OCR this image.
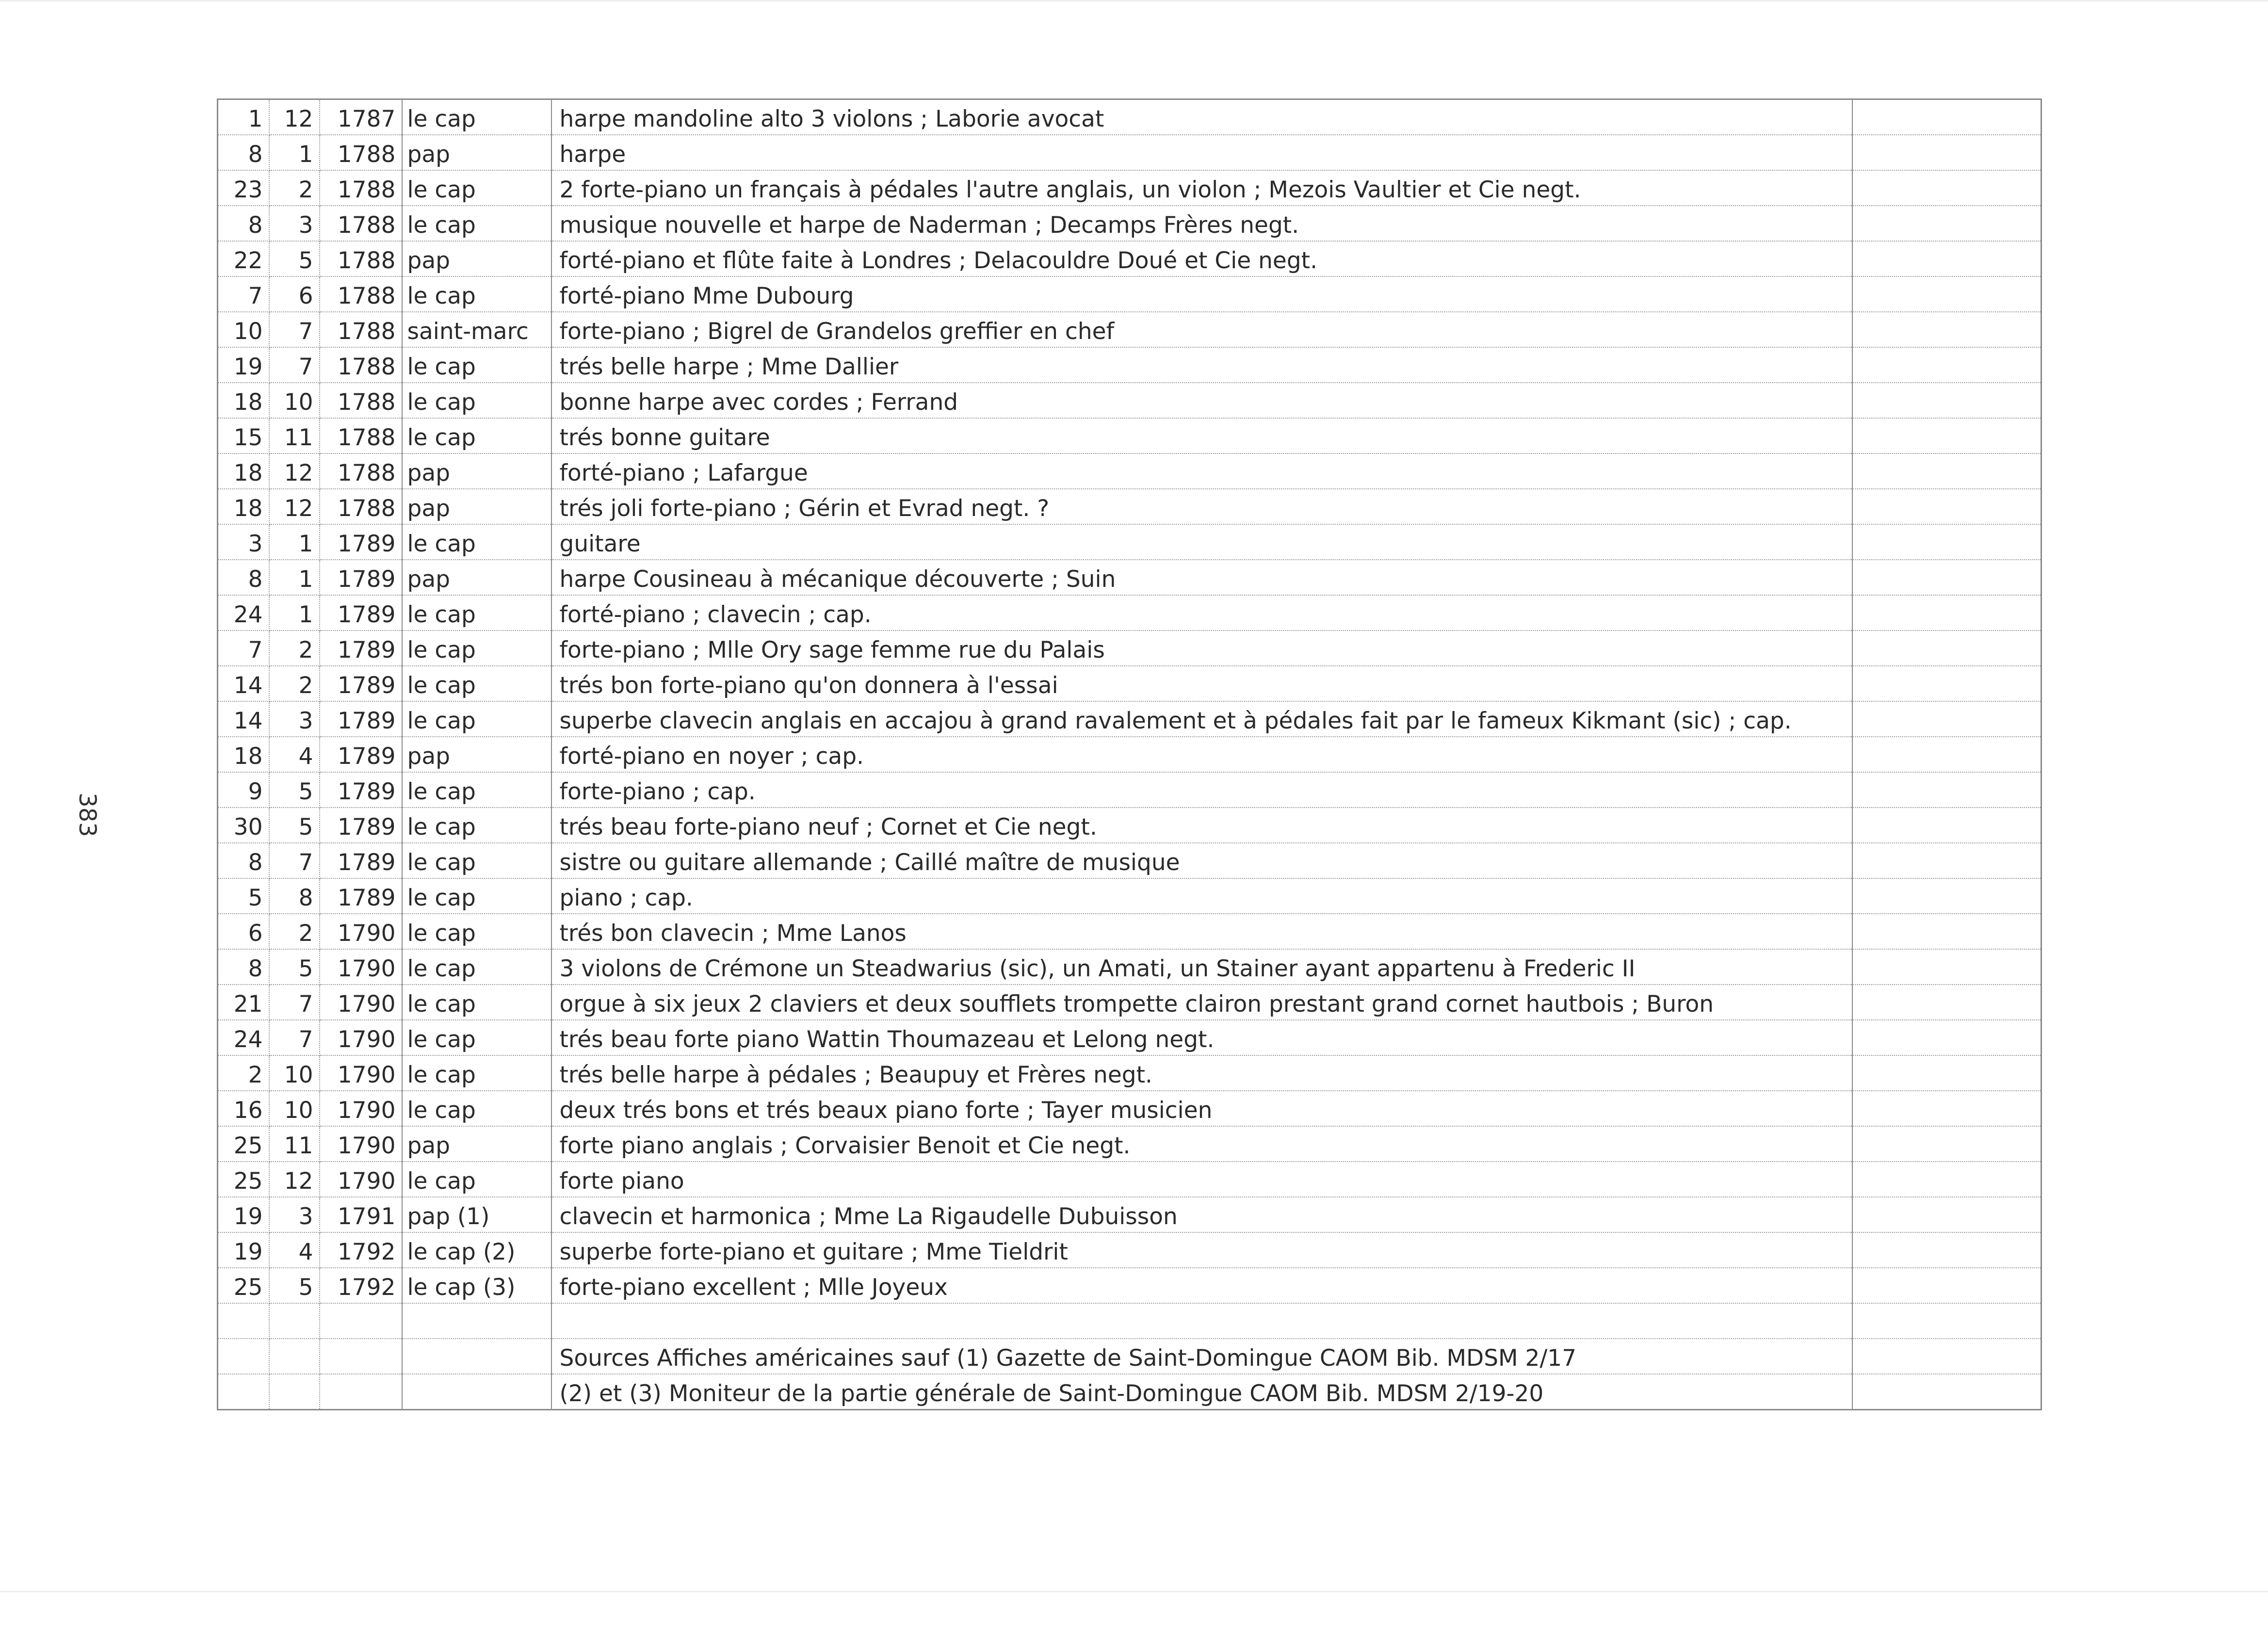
383
1	12	1787	le cap	harpe mandoline alto 3 violons ; Laborie avocat	
8	1	1788	pap	harpe	
23	2	1788	le cap	2 forte-piano un français à pédales l'autre anglais, un violon ; Mezois Vaultier et Cie negt.	
8	3	1788	le cap	musique nouvelle et harpe de Naderman ; Decamps Frères negt.	
22	5	1788	pap	forté-piano et flûte faite à Londres ; Delacouldre Doué et Cie negt.	
7	6	1788	le cap	forté-piano Mme Dubourg	
10	7	1788	saint-marc	forte-piano ; Bigrel de Grandelos greffier en chef	
19	7	1788	le cap	trés belle harpe ; Mme Dallier	
18	10	1788	le cap	bonne harpe avec cordes ; Ferrand	
15	11	1788	le cap	trés bonne guitare	
18	12	1788	pap	forté-piano ; Lafargue	
18	12	1788	pap	trés joli forte-piano ; Gérin et Evrad negt. ?	
3	1	1789	le cap	guitare	
8	1	1789	pap	harpe Cousineau à mécanique découverte ; Suin	
24	1	1789	le cap	forté-piano ; clavecin ; cap.	
7	2	1789	le cap	forte-piano ; Mlle Ory sage femme rue du Palais	
14	2	1789	le cap	trés bon forte-piano qu'on donnera à l'essai	
14	3	1789	le cap	superbe clavecin anglais en accajou à grand ravalement et à pédales fait par le fameux Kikmant (sic) ; cap.	
18	4	1789	pap	forté-piano en noyer ; cap.	
9	5	1789	le cap	forte-piano ; cap.	
30	5	1789	le cap	trés beau forte-piano neuf ; Cornet et Cie negt.	
8	7	1789	le cap	sistre ou guitare allemande ; Caillé maître de musique	
5	8	1789	le cap	piano ; cap.	
6	2	1790	le cap	trés bon clavecin ; Mme Lanos	
8	5	1790	le cap	3 violons de Crémone un Steadwarius (sic), un Amati, un Stainer ayant appartenu à Frederic II	
21	7	1790	le cap	orgue à six jeux 2 claviers et deux soufflets trompette clairon prestant grand cornet hautbois ; Buron	
24	7	1790	le cap	trés beau forte piano Wattin Thoumazeau et Lelong negt.	
2	10	1790	le cap	trés belle harpe à pédales ; Beaupuy et Frères negt.	
16	10	1790	le cap	deux trés bons et trés beaux piano forte ; Tayer musicien	
25	11	1790	pap	forte piano anglais ; Corvaisier Benoit et Cie negt.	
25	12	1790	le cap	forte piano	
19	3	1791	pap (1)	clavecin et harmonica ; Mme La Rigaudelle Dubuisson	
19	4	1792	le cap (2)	superbe forte-piano et guitare ; Mme Tieldrit	
25	5	1792	le cap (3)	forte-piano excellent ; Mlle Joyeux	

				Sources Affiches américaines sauf (1) Gazette de Saint-Domingue CAOM Bib. MDSM 2/17	
				(2) et (3) Moniteur de la partie générale de Saint-Domingue CAOM Bib. MDSM 2/19-20	
